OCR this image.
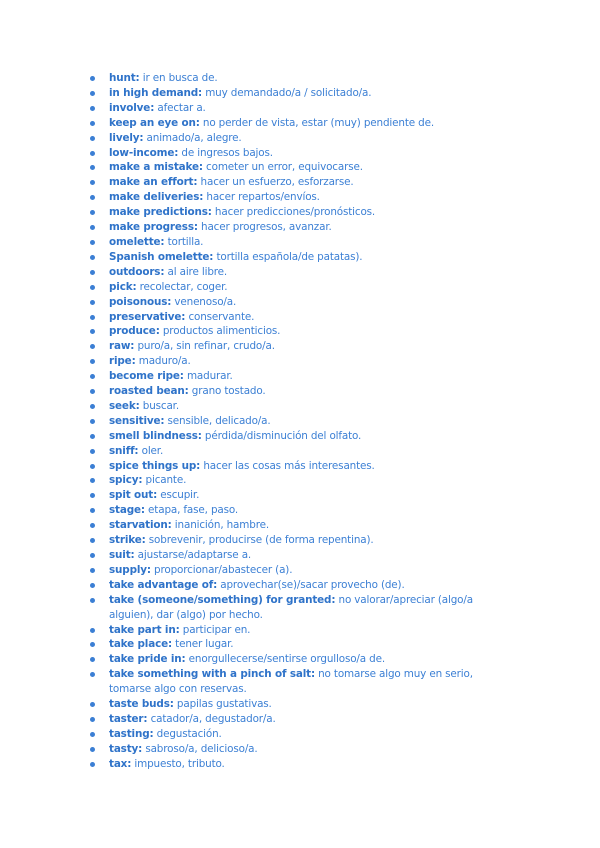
hunt: ir en busca de.
in high demand: muy demandado/a / solicitado/a.
involve: afectar a.
keep an eye on: no perder de vista, estar (muy) pendiente de.
lively: animado/a, alegre.
low-income: de ingresos bajos.
make a mistake: cometer un error, equivocarse.
make an effort: hacer un esfuerzo, esforzarse.
make deliveries: hacer repartos/envíos.
make predictions: hacer predicciones/pronósticos.
make progress: hacer progresos, avanzar.
omelette: tortilla.
Spanish omelette: tortilla española/de patatas).
outdoors: al aire libre.
pick: recolectar, coger.
poisonous: venenoso/a.
preservative: conservante.
produce: productos alimenticios.
raw: puro/a, sin refinar, crudo/a.
ripe: maduro/a.
become ripe: madurar.
roasted bean: grano tostado.
seek: buscar.
sensitive: sensible, delicado/a.
smell blindness: pérdida/disminución del olfato.
sniff: oler.
spice things up: hacer las cosas más interesantes.
spicy: picante.
spit out: escupir.
stage: etapa, fase, paso.
starvation: inanición, hambre.
strike: sobrevenir, producirse (de forma repentina).
suit: ajustarse/adaptarse a.
supply: proporcionar/abastecer (a).
take advantage of: aprovechar(se)/sacar provecho (de).
take (someone/something) for granted: no valorar/apreciar (algo/a alguien), dar (algo) por hecho.
take part in: participar en.
take place: tener lugar.
take pride in: enorgullecerse/sentirse orgulloso/a de.
take something with a pinch of salt: no tomarse algo muy en serio, tomarse algo con reservas.
taste buds: papilas gustativas.
taster: catador/a, degustador/a.
tasting: degustación.
tasty: sabroso/a, delicioso/a.
tax: impuesto, tributo.
